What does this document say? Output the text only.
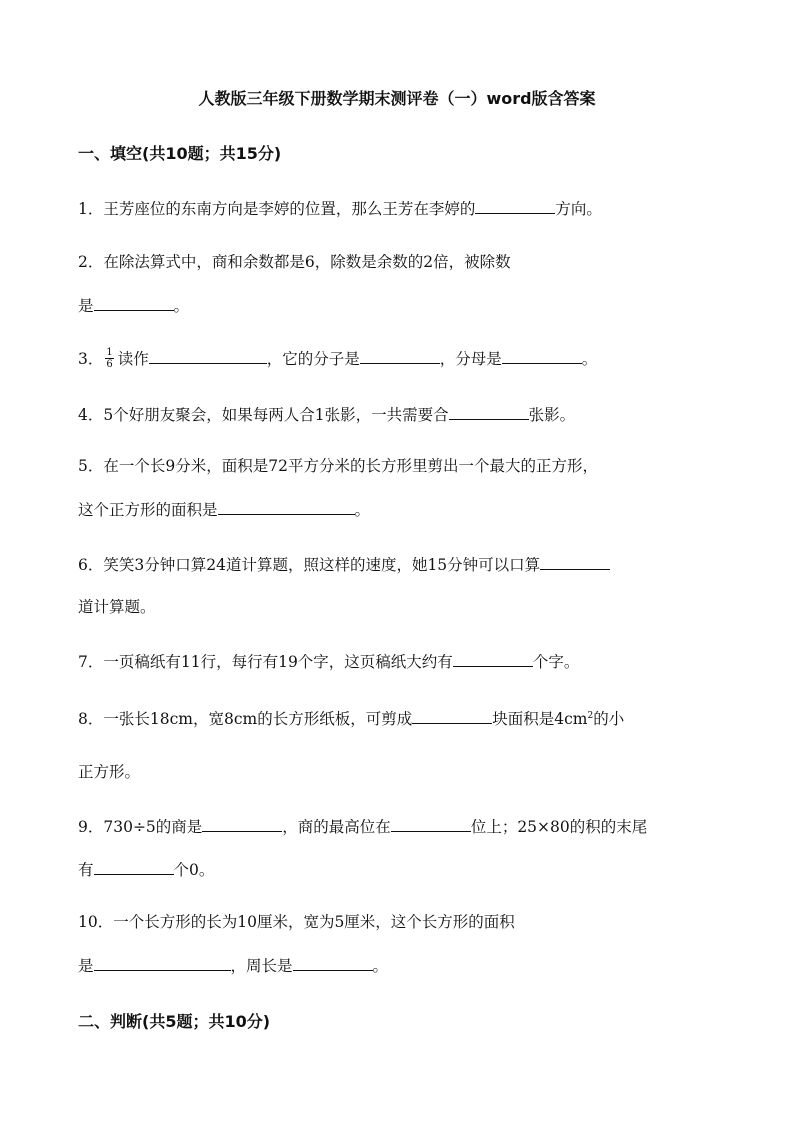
人教版三年级下册数学期末测评卷（一）word版含答案
一、填空(共10题；共15分)
1．王芳座位的东南方向是李婷的位置，那么王芳在李婷的	方向。
2．在除法算式中，商和余数都是6，除数是余数的2倍，被除数
是	。
3． $\frac{1}{6}$ 读作	，它的分子是	，分母是	。
4．5个好朋友聚会，如果每两人合1张影，一共需要合	张影。
5．在一个长9分米，面积是72平方分米的长方形里剪出一个最大的正方形，
这个正方形的面积是	。
6．笑笑3分钟口算24道计算题，照这样的速度，她15分钟可以口算
道计算题。
7．一页稿纸有11行，每行有19个字，这页稿纸大约有	个字。
8．一张长18cm，宽8cm的长方形纸板，可剪成	块面积是$4cm^2$的小
正方形。
9．730÷5的商是	，商的最高位在	位上；25×80的积的末尾
有	个0。
10．一个长方形的长为10厘米，宽为5厘米，这个长方形的面积
是	，周长是	。
二、判断(共5题；共10分)
